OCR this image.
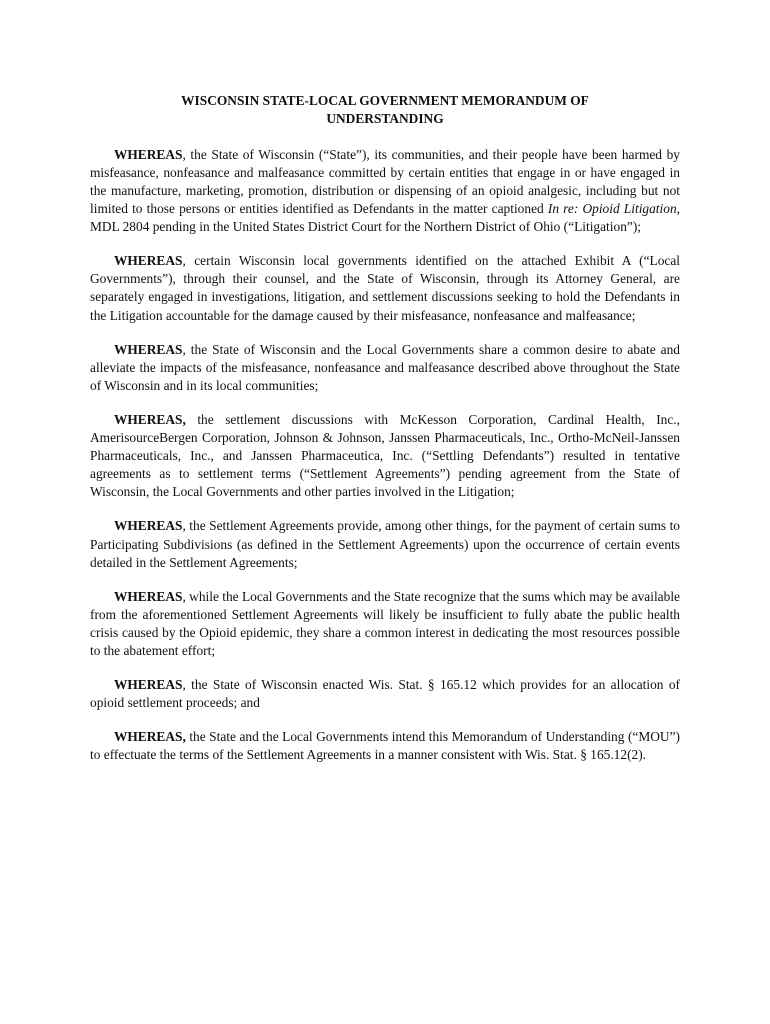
WISCONSIN STATE-LOCAL GOVERNMENT MEMORANDUM OF
UNDERSTANDING

WHEREAS, the State of Wisconsin (“State”), its communities, and their people have been harmed by misfeasance, nonfeasance and malfeasance committed by certain entities that engage in or have engaged in the manufacture, marketing, promotion, distribution or dispensing of an opioid analgesic, including but not limited to those persons or entities identified as Defendants in the matter captioned In re: Opioid Litigation, MDL 2804 pending in the United States District Court for the Northern District of Ohio (“Litigation”);

WHEREAS, certain Wisconsin local governments identified on the attached Exhibit A (“Local Governments”), through their counsel, and the State of Wisconsin, through its Attorney General, are separately engaged in investigations, litigation, and settlement discussions seeking to hold the Defendants in the Litigation accountable for the damage caused by their misfeasance, nonfeasance and malfeasance;

WHEREAS, the State of Wisconsin and the Local Governments share a common desire to abate and alleviate the impacts of the misfeasance, nonfeasance and malfeasance described above throughout the State of Wisconsin and in its local communities;

WHEREAS, the settlement discussions with McKesson Corporation, Cardinal Health, Inc., AmerisourceBergen Corporation, Johnson & Johnson, Janssen Pharmaceuticals, Inc., Ortho-McNeil-Janssen Pharmaceuticals, Inc., and Janssen Pharmaceutica, Inc. (“Settling Defendants”) resulted in tentative agreements as to settlement terms (“Settlement Agreements”) pending agreement from the State of Wisconsin, the Local Governments and other parties involved in the Litigation;

WHEREAS, the Settlement Agreements provide, among other things, for the payment of certain sums to Participating Subdivisions (as defined in the Settlement Agreements) upon the occurrence of certain events detailed in the Settlement Agreements;

WHEREAS, while the Local Governments and the State recognize that the sums which may be available from the aforementioned Settlement Agreements will likely be insufficient to fully abate the public health crisis caused by the Opioid epidemic, they share a common interest in dedicating the most resources possible to the abatement effort;

WHEREAS, the State of Wisconsin enacted Wis. Stat. § 165.12 which provides for an allocation of opioid settlement proceeds; and

WHEREAS, the State and the Local Governments intend this Memorandum of Understanding (“MOU”) to effectuate the terms of the Settlement Agreements in a manner consistent with Wis. Stat. § 165.12(2).
